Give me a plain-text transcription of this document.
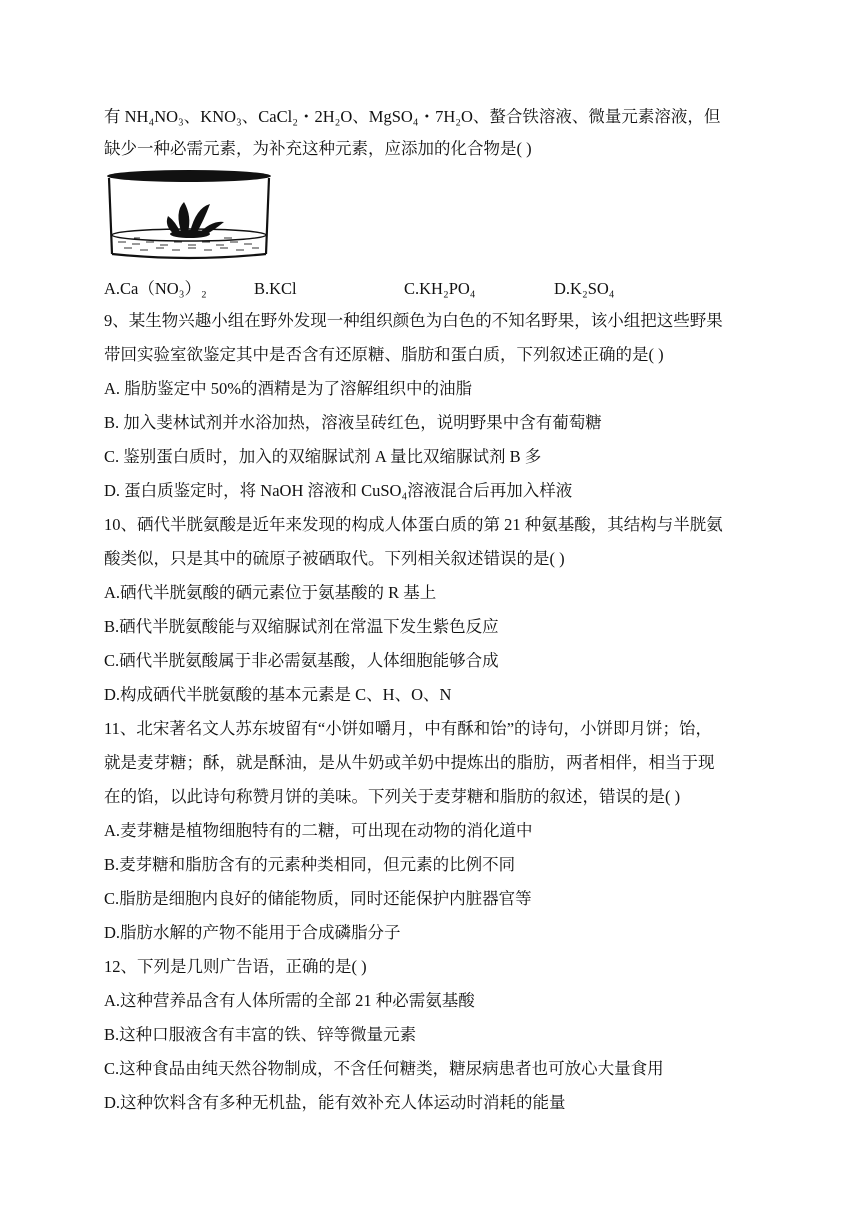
有 NH₄NO₃、KNO₃、CaCl₂・2H₂O、MgSO₄・7H₂O、螯合铁溶液、微量元素溶液，但
缺少一种必需元素，为补充这种元素，应添加的化合物是( )
A.Ca（NO₃）₂	B.KCl	C.KH₂PO₄	D.K₂SO₄
9、某生物兴趣小组在野外发现一种组织颜色为白色的不知名野果，该小组把这些野果
带回实验室欲鉴定其中是否含有还原糖、脂肪和蛋白质，下列叙述正确的是( )
A. 脂肪鉴定中 50%的酒精是为了溶解组织中的油脂
B. 加入斐林试剂并水浴加热，溶液呈砖红色，说明野果中含有葡萄糖
C. 鉴别蛋白质时，加入的双缩脲试剂 A 量比双缩脲试剂 B 多
D. 蛋白质鉴定时，将 NaOH 溶液和 CuSO₄溶液混合后再加入样液
10、硒代半胱氨酸是近年来发现的构成人体蛋白质的第 21 种氨基酸，其结构与半胱氨
酸类似，只是其中的硫原子被硒取代。下列相关叙述错误的是( )
A.硒代半胱氨酸的硒元素位于氨基酸的 R 基上
B.硒代半胱氨酸能与双缩脲试剂在常温下发生紫色反应
C.硒代半胱氨酸属于非必需氨基酸，人体细胞能够合成
D.构成硒代半胱氨酸的基本元素是 C、H、O、N
11、北宋著名文人苏东坡留有“小饼如嚼月，中有酥和饴”的诗句，小饼即月饼；饴，
就是麦芽糖；酥，就是酥油，是从牛奶或羊奶中提炼出的脂肪，两者相伴，相当于现
在的馅，以此诗句称赞月饼的美味。下列关于麦芽糖和脂肪的叙述，错误的是( )
A.麦芽糖是植物细胞特有的二糖，可出现在动物的消化道中
B.麦芽糖和脂肪含有的元素种类相同，但元素的比例不同
C.脂肪是细胞内良好的储能物质，同时还能保护内脏器官等
D.脂肪水解的产物不能用于合成磷脂分子
12、下列是几则广告语，正确的是( )
A.这种营养品含有人体所需的全部 21 种必需氨基酸
B.这种口服液含有丰富的铁、锌等微量元素
C.这种食品由纯天然谷物制成，不含任何糖类，糖尿病患者也可放心大量食用
D.这种饮料含有多种无机盐，能有效补充人体运动时消耗的能量
